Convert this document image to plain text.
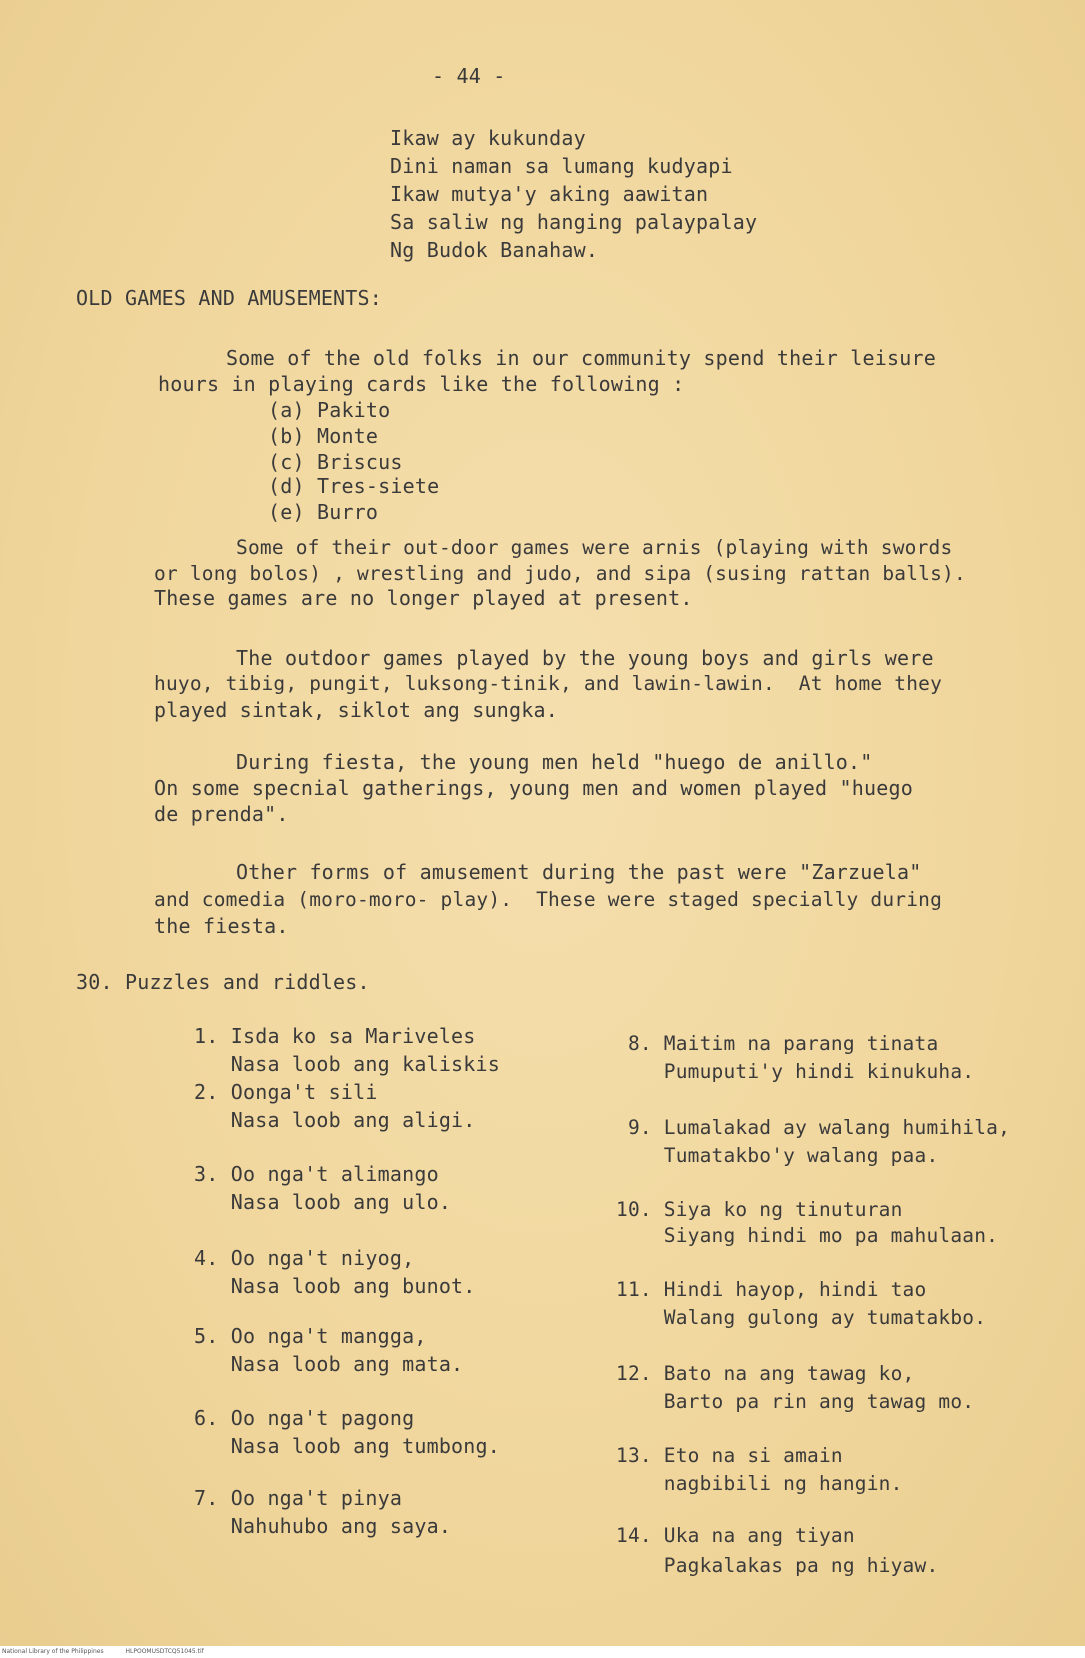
- 44 -
Ikaw ay kukunday
Dini naman sa lumang kudyapi
Ikaw mutya'y aking aawitan
Sa saliw ng hanging palaypalay
Ng Budok Banahaw.
OLD GAMES AND AMUSEMENTS:
Some of the old folks in our community spend their leisure
hours in playing cards like the following :
(a) Pakito
(b) Monte
(c) Briscus
(d) Tres-siete
(e) Burro
Some of their out-door games were arnis (playing with swords
or long bolos) , wrestling and judo, and sipa (susing rattan balls).
These games are no longer played at present.
The outdoor games played by the young boys and girls were
huyo, tibig, pungit, luksong-tinik, and lawin-lawin.  At home they
played sintak, siklot ang sungka.
During fiesta, the young men held "huego de anillo."
On some specnial gatherings, young men and women played "huego
de prenda".
Other forms of amusement during the past were "Zarzuela"
and comedia (moro-moro- play).  These were staged specially during
the fiesta.
30. Puzzles and riddles.
1. Isda ko sa Mariveles
Nasa loob ang kaliskis
2. Oonga't sili
Nasa loob ang aligi.
3. Oo nga't alimango
Nasa loob ang ulo.
4. Oo nga't niyog,
Nasa loob ang bunot.
5. Oo nga't mangga,
Nasa loob ang mata.
6. Oo nga't pagong
Nasa loob ang tumbong.
7. Oo nga't pinya
Nahuhubo ang saya.
8. Maitim na parang tinata
Pumuputi'y hindi kinukuha.
9. Lumalakad ay walang humihila,
Tumatakbo'y walang paa.
10. Siya ko ng tinuturan
Siyang hindi mo pa mahulaan.
11. Hindi hayop, hindi tao
Walang gulong ay tumatakbo.
12. Bato na ang tawag ko,
Barto pa rin ang tawag mo.
13. Eto na si amain
nagbibili ng hangin.
14. Uka na ang tiyan
Pagkalakas pa ng hiyaw.
National Library of the Philippines	HLPOOMUSDTCQ51045.tif
